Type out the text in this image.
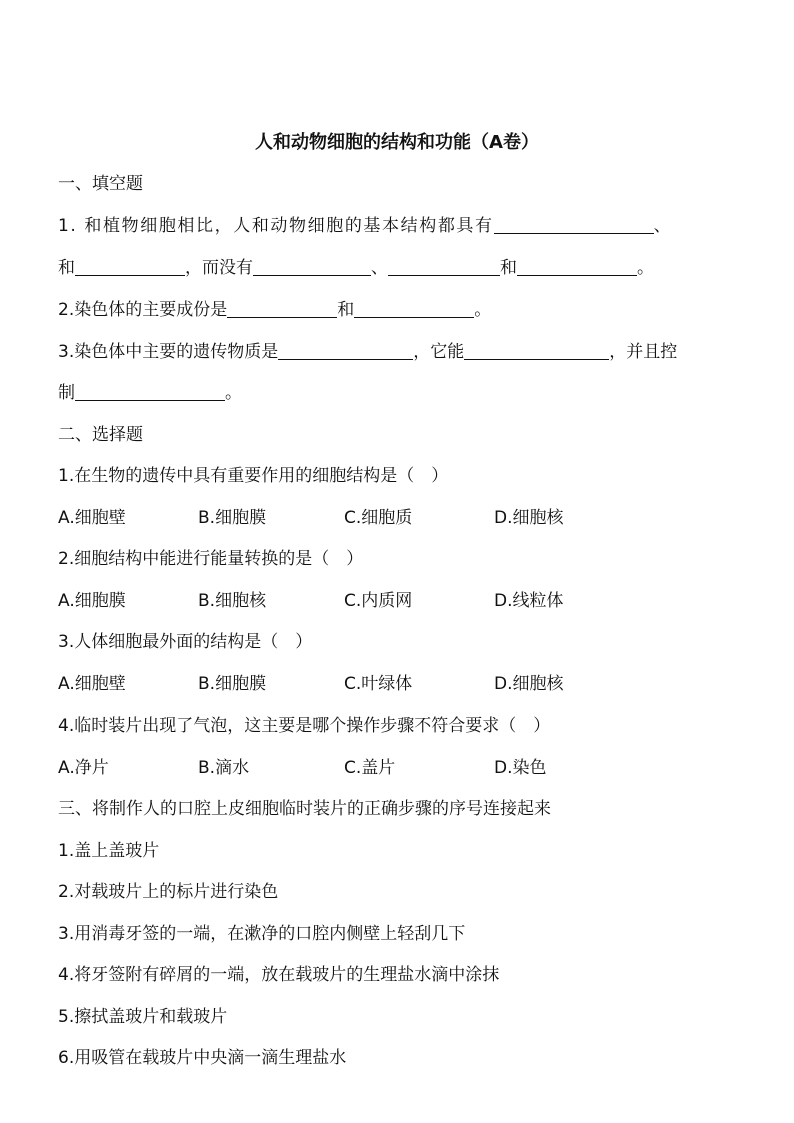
人和动物细胞的结构和功能（A卷）
一、填空题
1. 和植物细胞相比，人和动物细胞的基本结构都具有	、
和	，而没有	、	和	。
2.染色体的主要成份是	和	。
3.染色体中主要的遗传物质是	，它能	，并且控
制	。
二、选择题
1.在生物的遗传中具有重要作用的细胞结构是（　）
A.细胞壁	B.细胞膜	C.细胞质	D.细胞核
2.细胞结构中能进行能量转换的是（　）
A.细胞膜	B.细胞核	C.内质网	D.线粒体
3.人体细胞最外面的结构是（　）
A.细胞壁	B.细胞膜	C.叶绿体	D.细胞核
4.临时装片出现了气泡，这主要是哪个操作步骤不符合要求（　）
A.净片	B.滴水	C.盖片	D.染色
三、将制作人的口腔上皮细胞临时装片的正确步骤的序号连接起来
1.盖上盖玻片
2.对载玻片上的标片进行染色
3.用消毒牙签的一端，在漱净的口腔内侧壁上轻刮几下
4.将牙签附有碎屑的一端，放在载玻片的生理盐水滴中涂抹
5.擦拭盖玻片和载玻片
6.用吸管在载玻片中央滴一滴生理盐水
